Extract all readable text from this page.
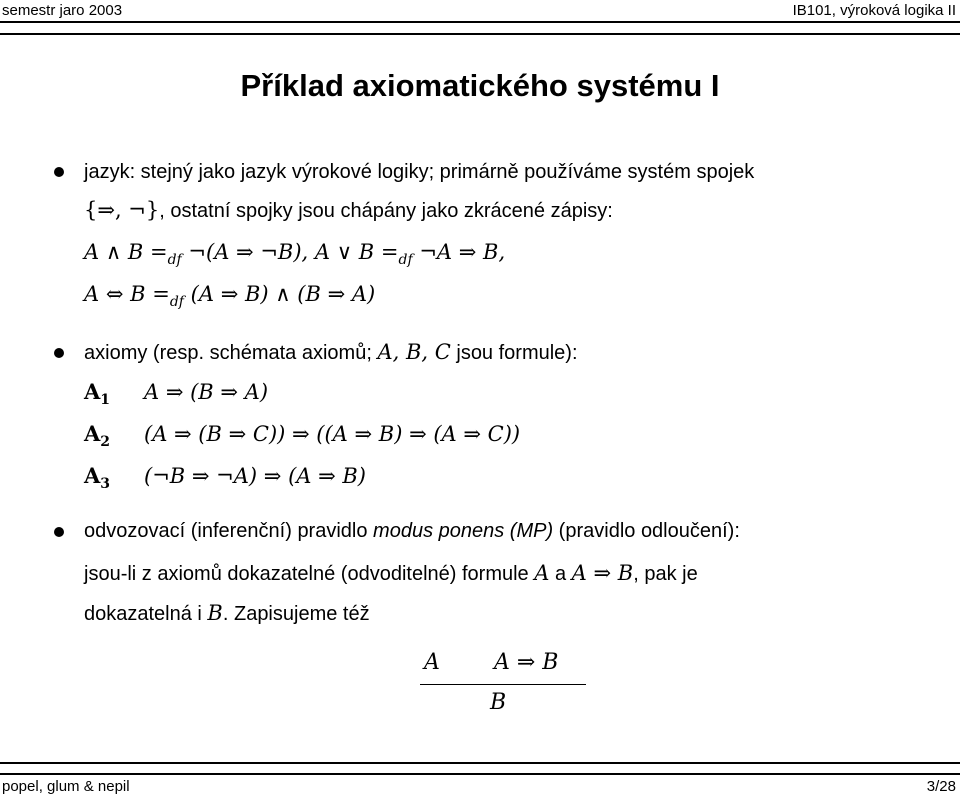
semestr jaro 2003	IB101, výroková logika II
Příklad axiomatického systému I
jazyk: stejný jako jazyk výrokové logiky; primárně používáme systém spojek
{⇒, ¬}, ostatní spojky jsou chápány jako zkrácené zápisy:
A ∧ $B =_{df}$ ¬(A ⇒ ¬B), A ∨ $B =_{df}$ ¬A ⇒ B,
A ⇔ $B =_{df}$ (A ⇒ B) ∧ (B ⇒ A)
axiomy (resp. schémata axiomů; A, B, C jsou formule):
$A_1$ A ⇒ (B ⇒ A)
$A_2$ (A ⇒ (B ⇒ C)) ⇒ ((A ⇒ B) ⇒ (A ⇒ C))
$A_3$ (¬B ⇒ ¬A) ⇒ (A ⇒ B)
odvozovací (inferenční) pravidlo modus ponens (MP) (pravidlo odloučení):
jsou-li z axiomů dokazatelné (odvoditelné) formule A a A ⇒ B, pak je
dokazatelná i B. Zapisujeme též
A A ⇒ B
B
popel, glum & nepil	3/28
